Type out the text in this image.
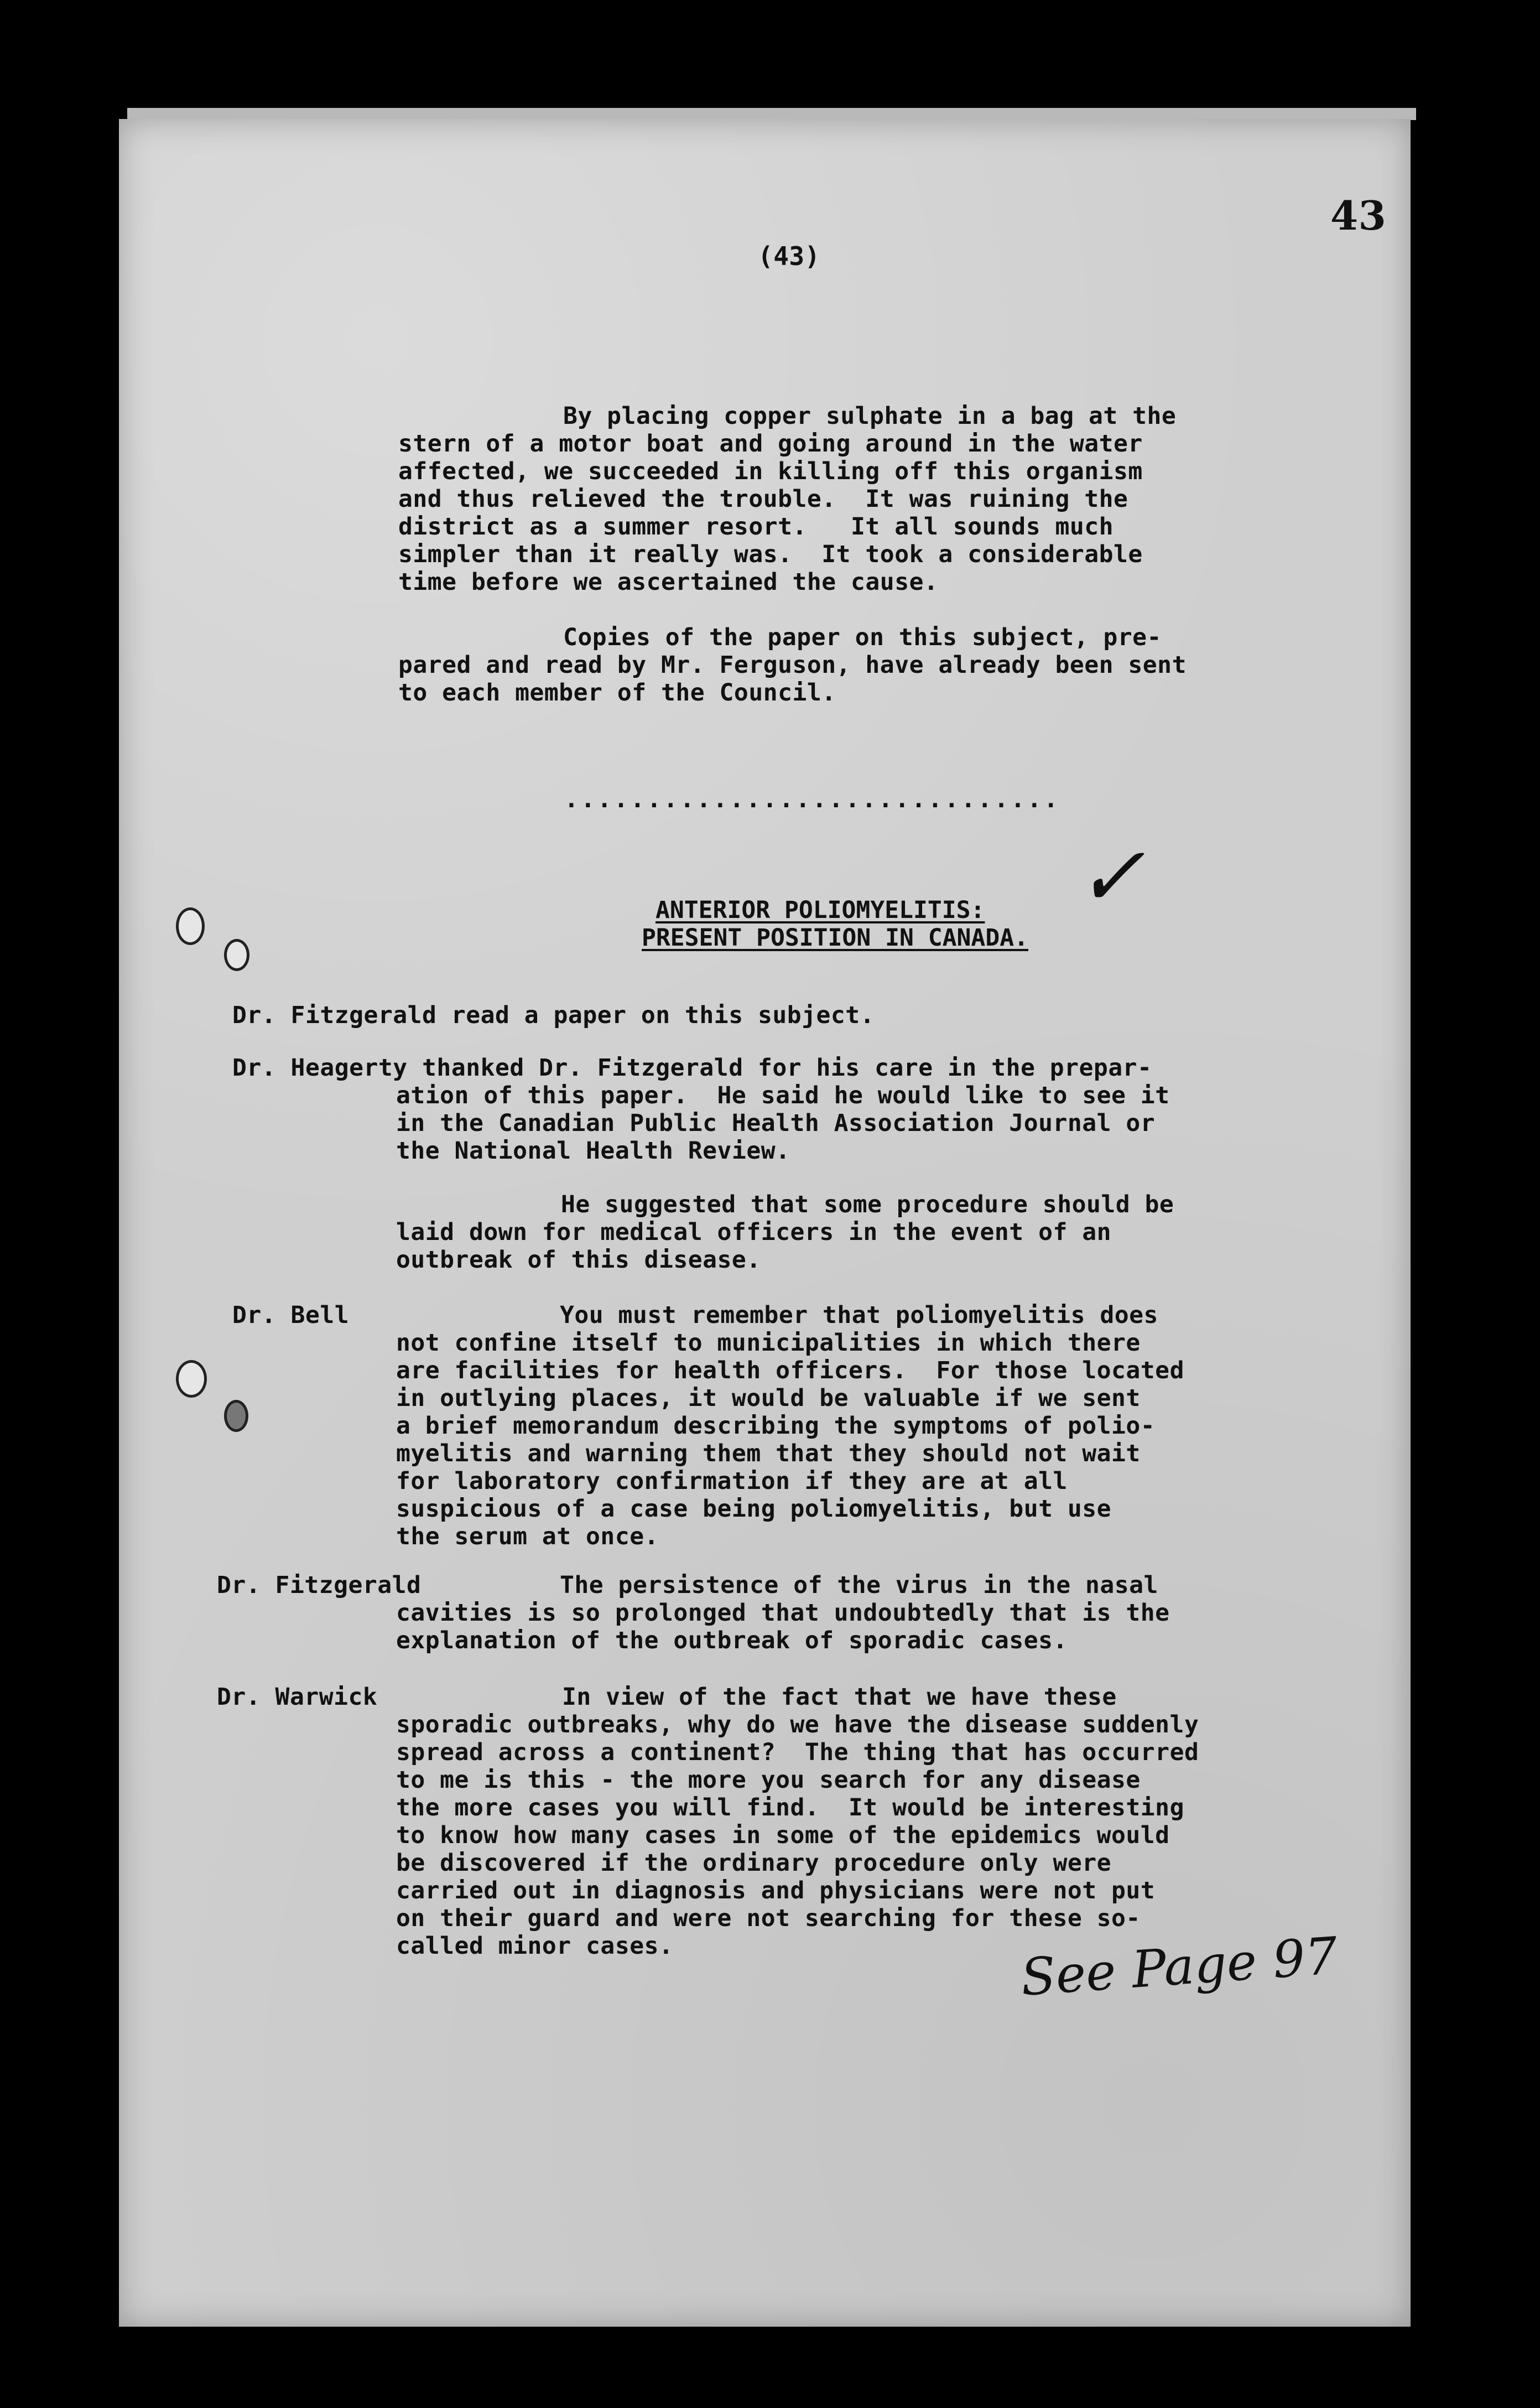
43
(43)
By placing copper sulphate in a bag at the
stern of a motor boat and going around in the water
affected, we succeeded in killing off this organism
and thus relieved the trouble.  It was ruining the
district as a summer resort.   It all sounds much
simpler than it really was.  It took a considerable
time before we ascertained the cause.
Copies of the paper on this subject, pre-
pared and read by Mr. Ferguson, have already been sent
to each member of the Council.
..............................
ANTERIOR POLIOMYELITIS:
PRESENT POSITION IN CANADA.
✓
Dr. Fitzgerald read a paper on this subject.
Dr. Heagerty thanked Dr. Fitzgerald for his care in the prepar-
ation of this paper.  He said he would like to see it
in the Canadian Public Health Association Journal or
the National Health Review.
He suggested that some procedure should be
laid down for medical officers in the event of an
outbreak of this disease.
Dr. Bell	You must remember that poliomyelitis does
not confine itself to municipalities in which there
are facilities for health officers.  For those located
in outlying places, it would be valuable if we sent
a brief memorandum describing the symptoms of polio-
myelitis and warning them that they should not wait
for laboratory confirmation if they are at all
suspicious of a case being poliomyelitis, but use
the serum at once.
Dr. Fitzgerald	The persistence of the virus in the nasal
cavities is so prolonged that undoubtedly that is the
explanation of the outbreak of sporadic cases.
Dr. Warwick	In view of the fact that we have these
sporadic outbreaks, why do we have the disease suddenly
spread across a continent?  The thing that has occurred
to me is this - the more you search for any disease
the more cases you will find.  It would be interesting
to know how many cases in some of the epidemics would
be discovered if the ordinary procedure only were
carried out in diagnosis and physicians were not put
on their guard and were not searching for these so-
called minor cases.	See Page 97
